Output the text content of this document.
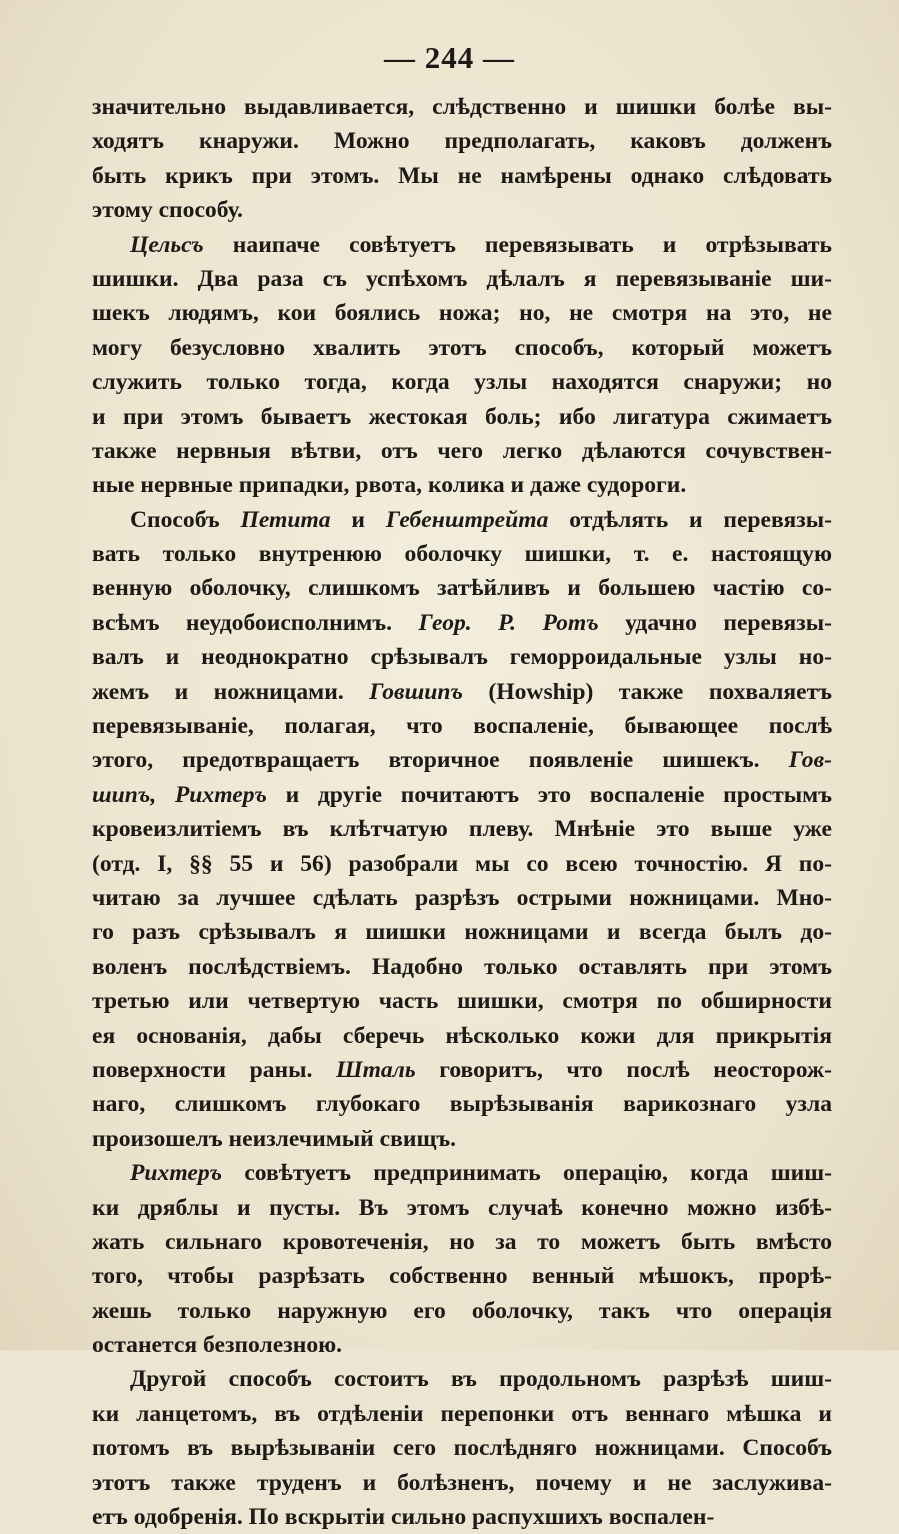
— 244 —
значительно выдавливается, слѣдственно и шишки болѣе вы-
ходятъ кнаружи. Можно предполагать, каковъ долженъ
быть крикъ при этомъ. Мы не намѣрены однако слѣдовать
этому способу.
Цельсъ наипаче совѣтуетъ перевязывать и отрѣзывать
шишки. Два раза съ успѣхомъ дѣлалъ я перевязываніе ши-
шекъ людямъ, кои боялись ножа; но, не смотря на это, не
могу безусловно хвалить этотъ способъ, который можетъ
служить только тогда, когда узлы находятся снаружи; но
и при этомъ бываетъ жестокая боль; ибо лигатура сжимаетъ
также нервныя вѣтви, отъ чего легко дѣлаются сочувствен-
ные нервные припадки, рвота, колика и даже судороги.
Способъ Петита и Гебенштрейта отдѣлять и перевязы-
вать только внутренюю оболочку шишки, т. е. настоящую
венную оболочку, слишкомъ затѣйливъ и большею частію со-
всѣмъ неудобоисполнимъ. Геор. Р. Ротъ удачно перевязы-
валъ и неоднократно срѣзывалъ геморроидальные узлы но-
жемъ и ножницами. Говшипъ (Howship) также похваляетъ
перевязываніе, полагая, что воспаленіе, бывающее послѣ
этого, предотвращаетъ вторичное появленіе шишекъ. Гов-
шипъ, Рихтеръ и другіе почитаютъ это воспаленіе простымъ
кровеизлитіемъ въ клѣтчатую плеву. Мнѣніе это выше уже
(отд. I, §§ 55 и 56) разобрали мы со всею точностію. Я по-
читаю за лучшее сдѣлать разрѣзъ острыми ножницами. Мно-
го разъ срѣзывалъ я шишки ножницами и всегда былъ до-
воленъ послѣдствіемъ. Надобно только оставлять при этомъ
третью или четвертую часть шишки, смотря по обширности
ея основанія, дабы сберечь нѣсколько кожи для прикрытія
поверхности раны. Шталь говоритъ, что послѣ неосторож-
наго, слишкомъ глубокаго вырѣзыванія варикознаго узла
произошелъ неизлечимый свищъ.
Рихтеръ совѣтуетъ предпринимать операцію, когда шиш-
ки дряблы и пусты. Въ этомъ случаѣ конечно можно избѣ-
жать сильнаго кровотеченія, но за то можетъ быть вмѣсто
того, чтобы разрѣзать собственно венный мѣшокъ, прорѣ-
жешь только наружную его оболочку, такъ что операція
останется безполезною.
Другой способъ состоитъ въ продольномъ разрѣзѣ шиш-
ки ланцетомъ, въ отдѣленіи перепонки отъ веннаго мѣшка и
потомъ въ вырѣзываніи сего послѣдняго ножницами. Способъ
этотъ также труденъ и болѣзненъ, почему и не заслужива-
етъ одобренія. По вскрытіи сильно распухшихъ воспален-
